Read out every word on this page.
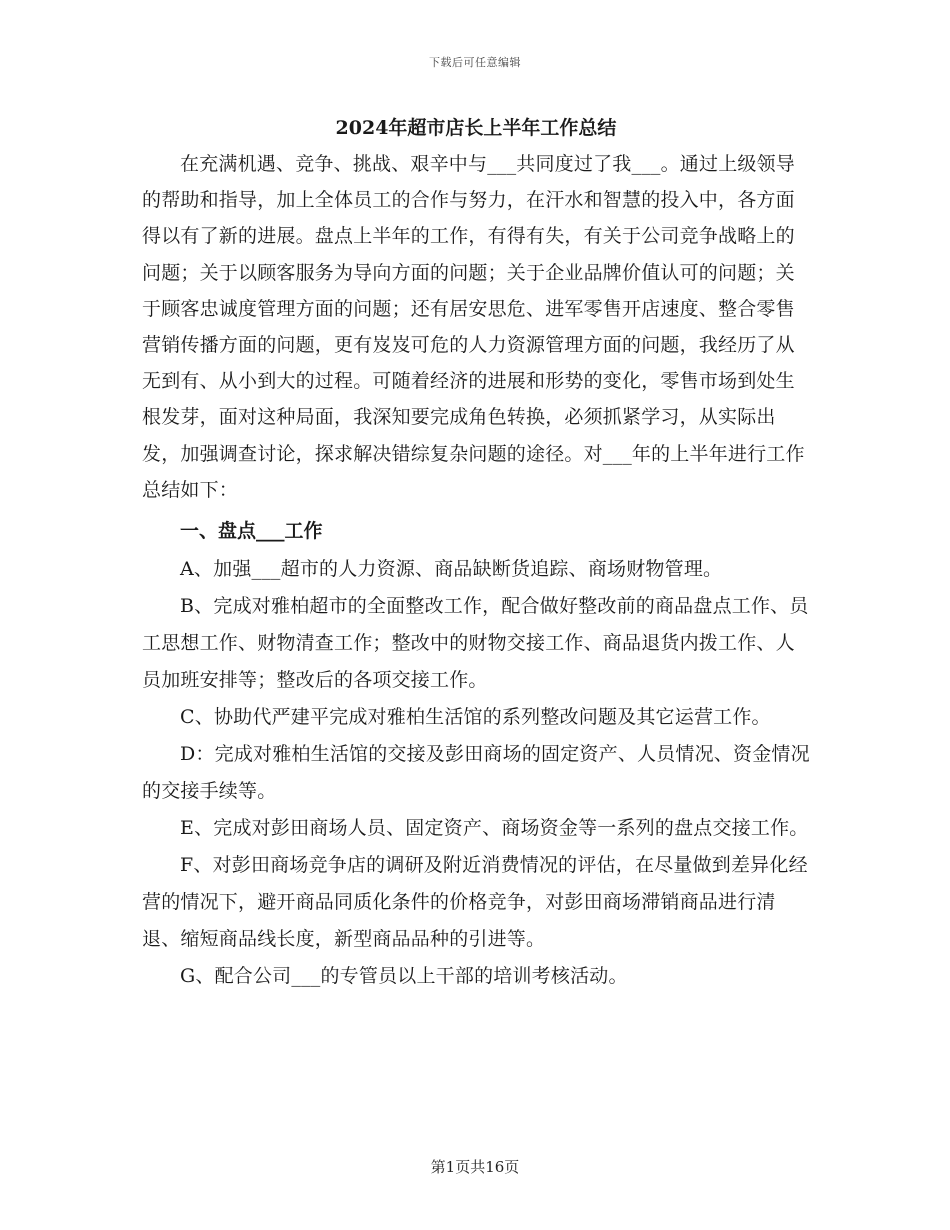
下载后可任意编辑
2024年超市店长上半年工作总结

在充满机遇、竞争、挑战、艰辛中与___共同度过了我___。通过上级领导的帮助和指导，加上全体员工的合作与努力，在汗水和智慧的投入中，各方面得以有了新的进展。盘点上半年的工作，有得有失，有关于公司竞争战略上的问题；关于以顾客服务为导向方面的问题；关于企业品牌价值认可的问题；关于顾客忠诚度管理方面的问题；还有居安思危、进军零售开店速度、整合零售营销传播方面的问题，更有岌岌可危的人力资源管理方面的问题，我经历了从无到有、从小到大的过程。可随着经济的进展和形势的变化，零售市场到处生根发芽，面对这种局面，我深知要完成角色转换，必须抓紧学习，从实际出发，加强调查讨论，探求解决错综复杂问题的途径。对___年的上半年进行工作总结如下：

一、盘点___工作

A、加强___超市的人力资源、商品缺断货追踪、商场财物管理。

B、完成对雅柏超市的全面整改工作，配合做好整改前的商品盘点工作、员工思想工作、财物清查工作；整改中的财物交接工作、商品退货内拨工作、人员加班安排等；整改后的各项交接工作。

C、协助代严建平完成对雅柏生活馆的系列整改问题及其它运营工作。

D：完成对雅柏生活馆的交接及彭田商场的固定资产、人员情况、资金情况的交接手续等。

E、完成对彭田商场人员、固定资产、商场资金等一系列的盘点交接工作。

F、对彭田商场竞争店的调研及附近消费情况的评估，在尽量做到差异化经营的情况下，避开商品同质化条件的价格竞争，对彭田商场滞销商品进行清退、缩短商品线长度，新型商品品种的引进等。

G、配合公司___的专管员以上干部的培训考核活动。

第1页共16页
